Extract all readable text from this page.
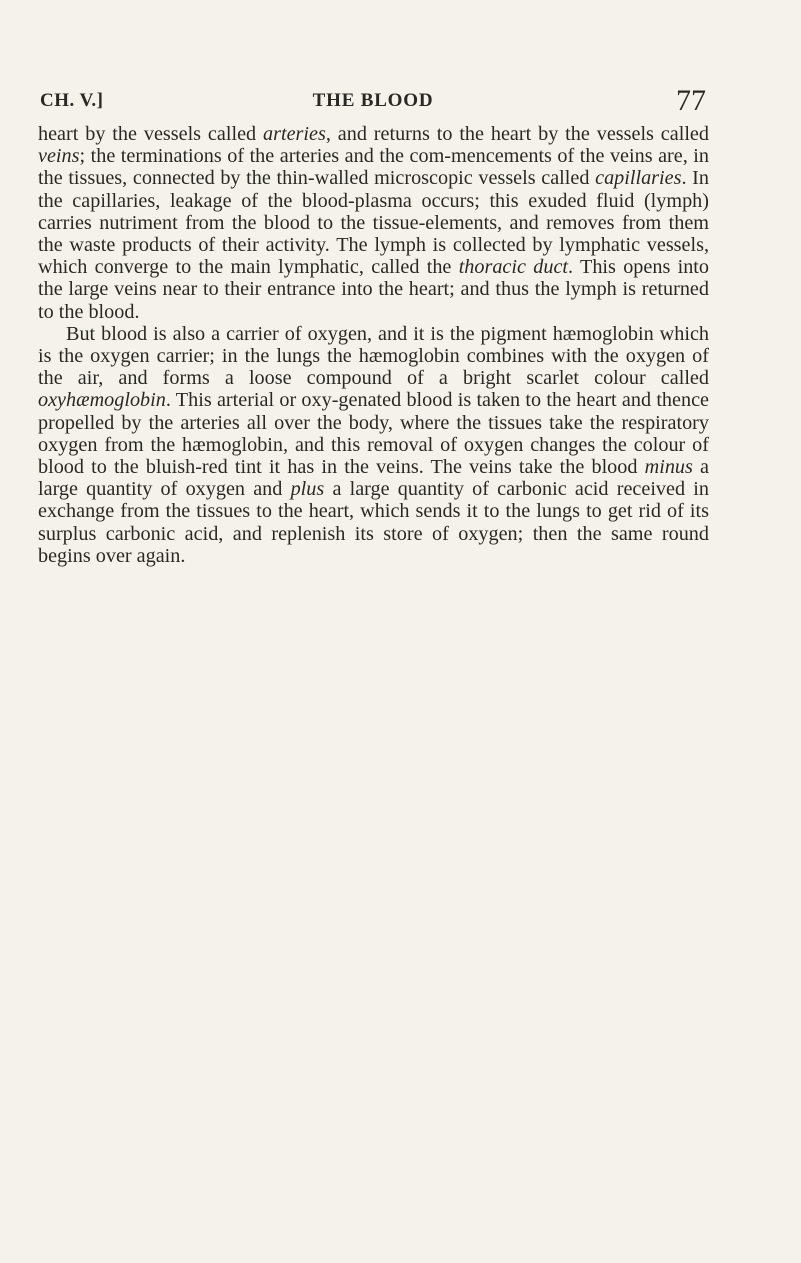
CH. V.]	THE BLOOD	77

heart by the vessels called arteries, and returns to the heart by the vessels called veins; the terminations of the arteries and the com-mencements of the veins are, in the tissues, connected by the thin-walled microscopic vessels called capillaries. In the capillaries, leakage of the blood-plasma occurs; this exuded fluid (lymph) carries nutriment from the blood to the tissue-elements, and removes from them the waste products of their activity. The lymph is collected by lymphatic vessels, which converge to the main lymphatic, called the thoracic duct. This opens into the large veins near to their entrance into the heart; and thus the lymph is returned to the blood.

But blood is also a carrier of oxygen, and it is the pigment hæmoglobin which is the oxygen carrier; in the lungs the hæmoglobin combines with the oxygen of the air, and forms a loose compound of a bright scarlet colour called oxyhæmoglobin. This arterial or oxy-genated blood is taken to the heart and thence propelled by the arteries all over the body, where the tissues take the respiratory oxygen from the hæmoglobin, and this removal of oxygen changes the colour of blood to the bluish-red tint it has in the veins. The veins take the blood minus a large quantity of oxygen and plus a large quantity of carbonic acid received in exchange from the tissues to the heart, which sends it to the lungs to get rid of its surplus carbonic acid, and replenish its store of oxygen; then the same round begins over again.
